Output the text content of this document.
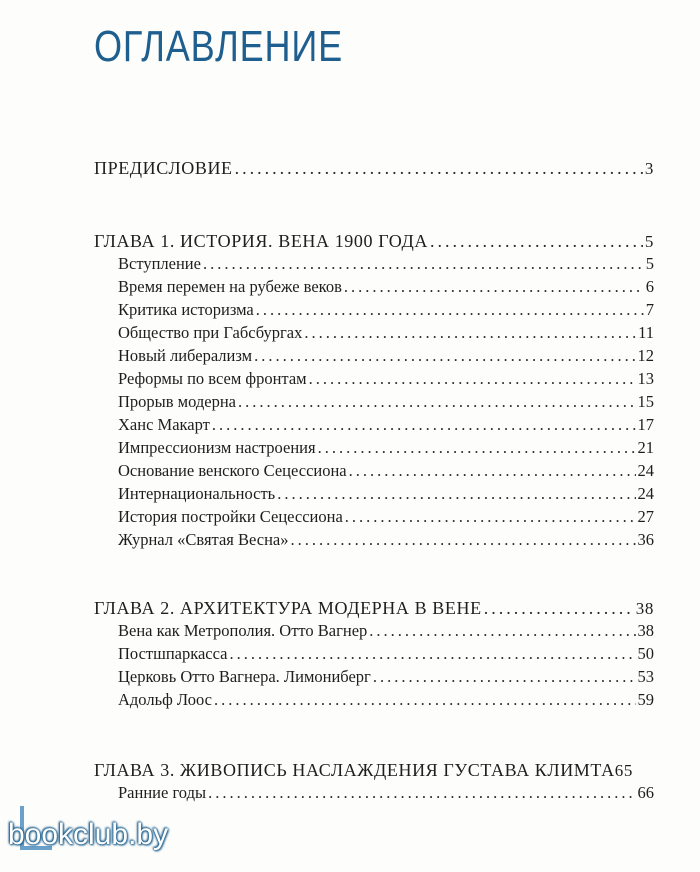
ОГЛАВЛЕНИЕ
ПРЕДИСЛОВИЕ .....	3
ГЛАВА 1. ИСТОРИЯ. ВЕНА 1900 ГОДА .....	5
Вступление .....	5
Время перемен на рубеже веков .....	6
Критика историзма .....	7
Общество при Габсбургах .....	11
Новый либерализм .....	12
Реформы по всем фронтам .....	13
Прорыв модерна .....	15
Ханс Макарт .....	17
Импрессионизм настроения .....	21
Основание венского Сецессиона .....	24
Интернациональность .....	24
История постройки Сецессиона .....	27
Журнал «Святая Весна» .....	36
ГЛАВА 2. АРХИТЕКТУРА МОДЕРНА В ВЕНЕ .....	38
Вена как Метрополия. Отто Вагнер .....	38
Постшпаркасса .....	50
Церковь Отто Вагнера. Лимониберг .....	53
Адольф Лоос .....	59
ГЛАВА 3. ЖИВОПИСЬ НАСЛАЖДЕНИЯ ГУСТАВА КЛИМТА 65
Ранние годы .....	66
bookclub.by
